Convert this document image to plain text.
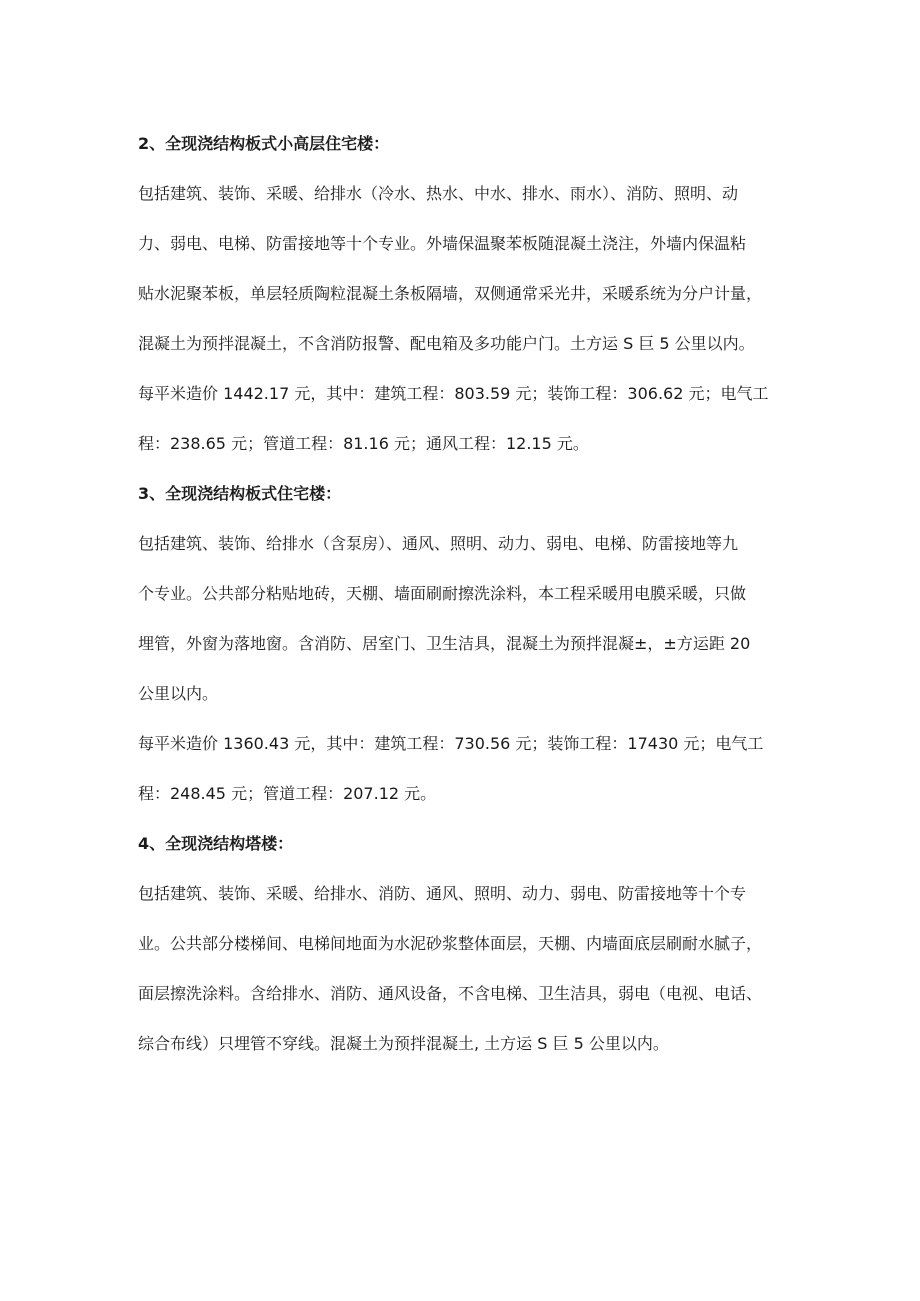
2、全现浇结构板式小高层住宅楼：
包括建筑、装饰、采暖、给排水（冷水、热水、中水、排水、雨水）、消防、照明、动
力、弱电、电梯、防雷接地等十个专业。外墙保温聚苯板随混凝土浇注，外墙内保温粘
贴水泥聚苯板，单层轻质陶粒混凝土条板隔墙，双侧通常采光井，采暖系统为分户计量，
混凝土为预拌混凝土，不含消防报警、配电箱及多功能户门。土方运 S 巨 5 公里以内。
每平米造价 1442.17 元，其中：建筑工程：803.59 元；装饰工程：306.62 元；电气工
程：238.65 元；管道工程：81.16 元；通风工程：12.15 元。
3、全现浇结构板式住宅楼：
包括建筑、装饰、给排水（含泵房）、通风、照明、动力、弱电、电梯、防雷接地等九
个专业。公共部分粘贴地砖，天棚、墙面刷耐擦洗涂料，本工程采暖用电膜采暖，只做
埋管，外窗为落地窗。含消防、居室门、卫生洁具，混凝土为预拌混凝±，±方运距 20
公里以内。
每平米造价 1360.43 元，其中：建筑工程：730.56 元；装饰工程：17430 元；电气工
程：248.45 元；管道工程：207.12 元。
4、全现浇结构塔楼：
包括建筑、装饰、采暖、给排水、消防、通风、照明、动力、弱电、防雷接地等十个专
业。公共部分楼梯间、电梯间地面为水泥砂浆整体面层，天棚、内墙面底层刷耐水腻子，
面层擦洗涂料。含给排水、消防、通风设备，不含电梯、卫生洁具，弱电（电视、电话、
综合布线）只埋管不穿线。混凝土为预拌混凝土, 土方运 S 巨 5 公里以内。
